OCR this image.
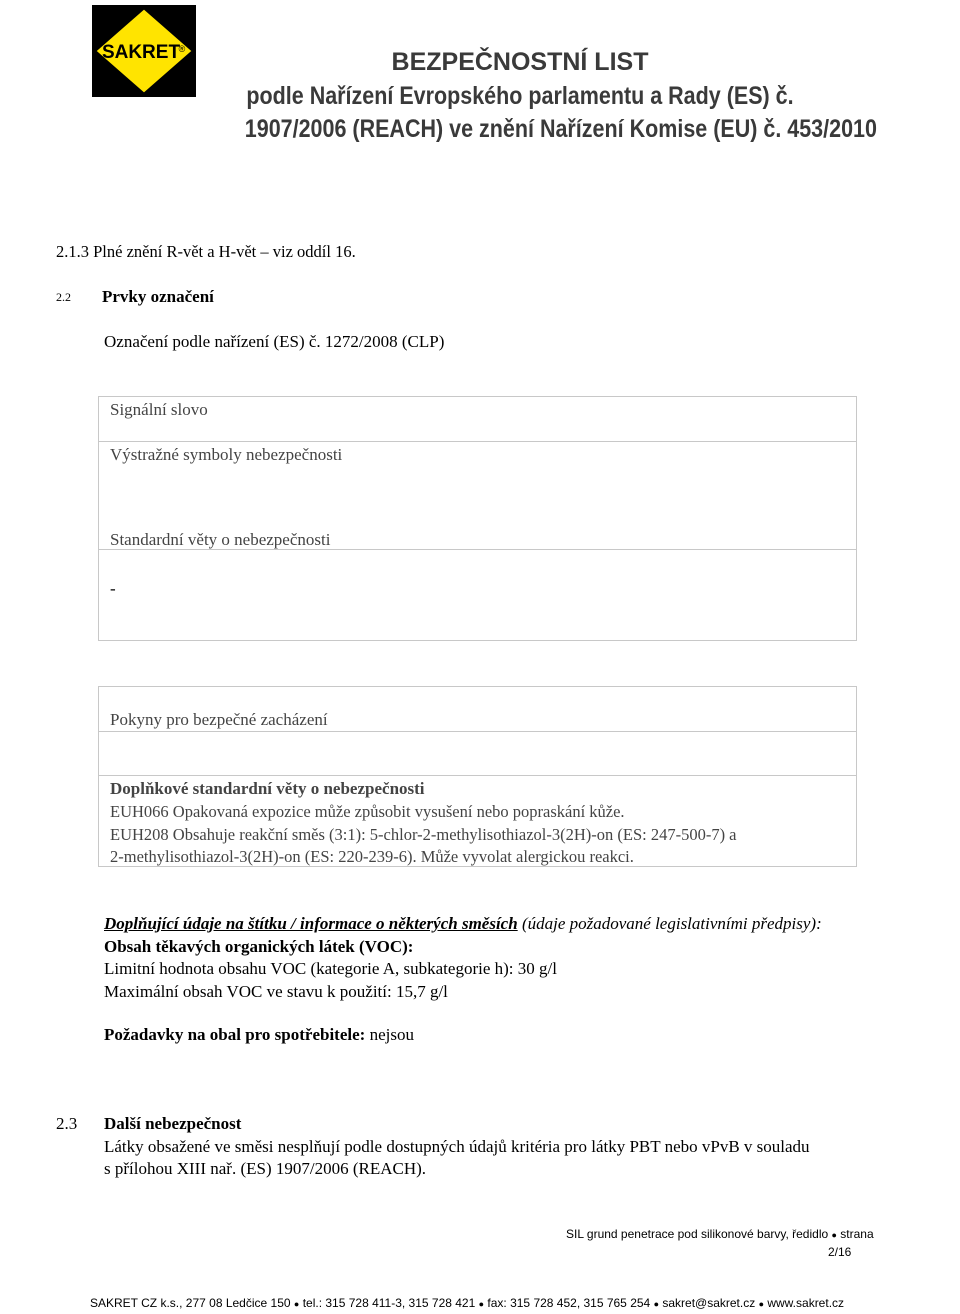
SAKRET
®	BEZPEČNOSTNÍ LIST
podle Nařízení Evropského parlamentu a Rady (ES) č.
1907/2006 (REACH) ve znění Nařízení Komise (EU) č. 453/2010
2.1.3 Plné znění R-vět a H-vět – viz oddíl 16.
2.2 Prvky označení
Označení podle nařízení (ES) č. 1272/2008 (CLP)
Signální slovo
Výstražné symboly nebezpečnosti
Standardní věty o nebezpečnosti
-
Pokyny pro bezpečné zacházení
Doplňkové standardní věty o nebezpečnosti
EUH066 Opakovaná expozice může způsobit vysušení nebo popraskání kůže.
EUH208 Obsahuje reakční směs (3:1): 5-chlor-2-methylisothiazol-3(2H)-on (ES: 247-500-7) a
2-methylisothiazol-3(2H)-on (ES: 220-239-6). Může vyvolat alergickou reakci.
Doplňující údaje na štítku / informace o některých směsích (údaje požadované legislativními předpisy):
Obsah těkavých organických látek (VOC):
Limitní hodnota obsahu VOC (kategorie A, subkategorie h): 30 g/l
Maximální obsah VOC ve stavu k použití: 15,7 g/l
Požadavky na obal pro spotřebitele: nejsou
2.3 Další nebezpečnost
Látky obsažené ve směsi nesplňují podle dostupných údajů kritéria pro látky PBT nebo vPvB v souladu
s přílohou XIII nař. (ES) 1907/2006 (REACH).
SIL grund penetrace pod silikonové barvy, ředidlo ● strana
2/16
SAKRET CZ k.s., 277 08 Ledčice 150 ● tel.: 315 728 411-3, 315 728 421 ● fax: 315 728 452, 315 765 254 ● sakret@sakret.cz ● www.sakret.cz
